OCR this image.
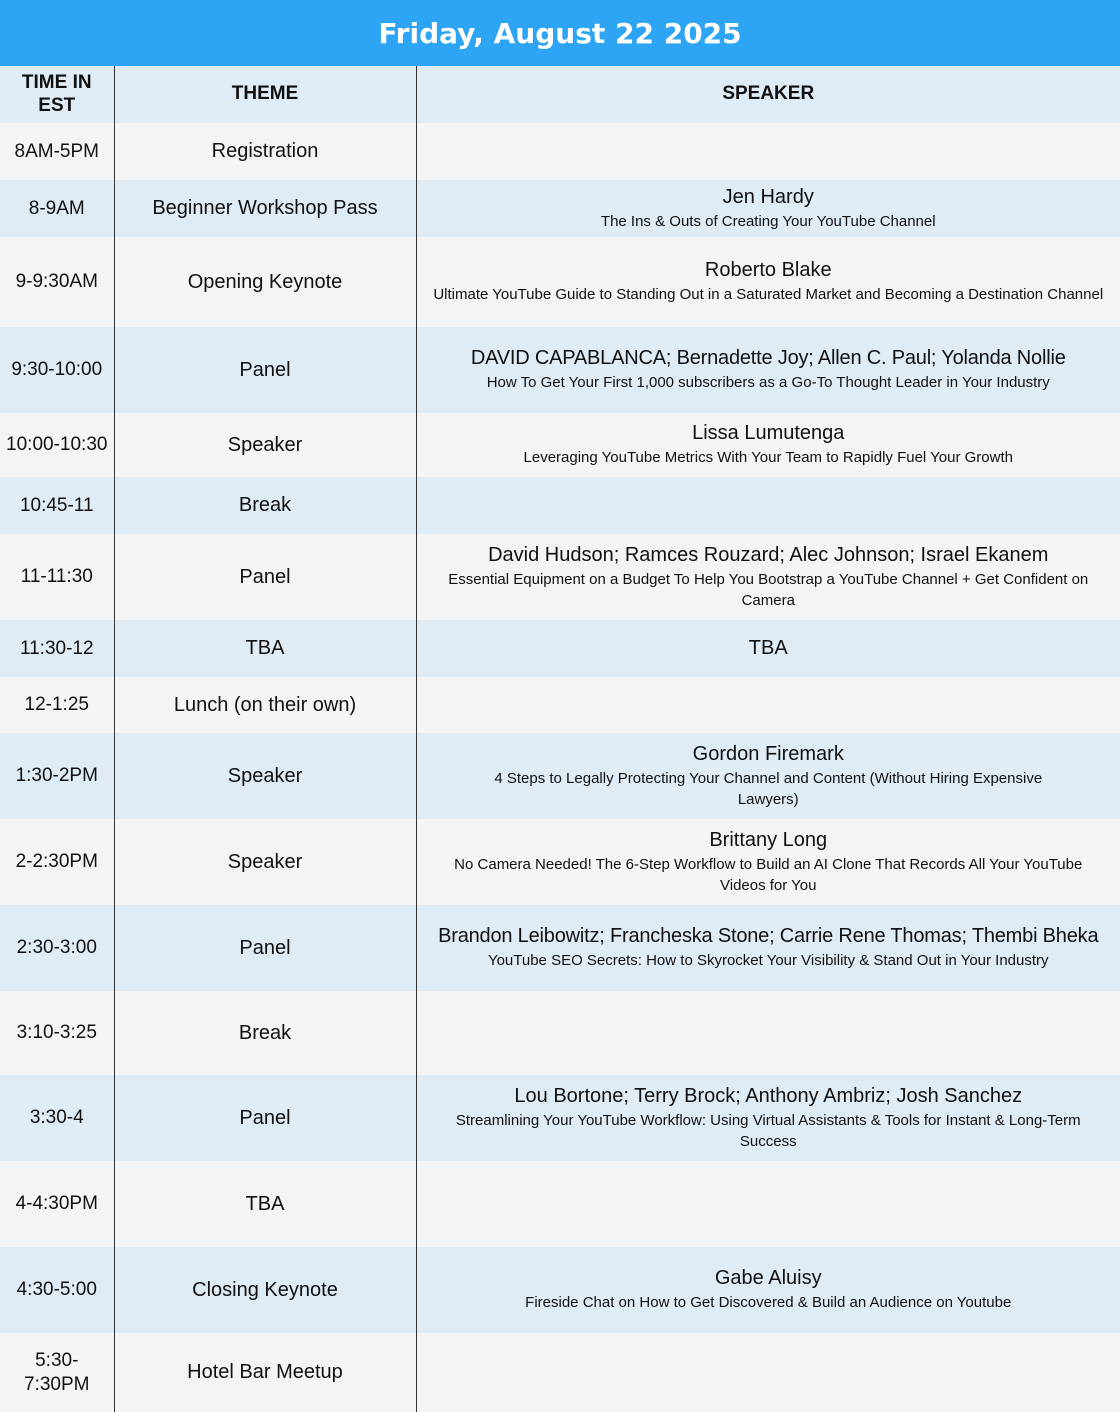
Friday, August 22 2025
TIME IN EST	THEME	SPEAKER
8AM-5PM	Registration	
8-9AM	Beginner Workshop Pass	Jen Hardy
The Ins & Outs of Creating Your YouTube Channel

9-9:30AM	Opening Keynote	Roberto Blake
Ultimate YouTube Guide to Standing Out in a Saturated Market and Becoming a Destination Channel

9:30-10:00	Panel	DAVID CAPABLANCA; Bernadette Joy; Allen C. Paul; Yolanda Nollie
How To Get Your First 1,000 subscribers as a Go-To Thought Leader in Your Industry

10:00-10:30	Speaker	Lissa Lumutenga
Leveraging YouTube Metrics With Your Team to Rapidly Fuel Your Growth

10:45-11	Break	
11-11:30	Panel	David Hudson; Ramces Rouzard; Alec Johnson; Israel Ekanem
Essential Equipment on a Budget To Help You Bootstrap a YouTube Channel + Get Confident on Camera

11:30-12	TBA	TBA

12-1:25	Lunch (on their own)	
1:30-2PM	Speaker	Gordon Firemark
4 Steps to Legally Protecting Your Channel and Content (Without Hiring Expensive Lawyers)

2-2:30PM	Speaker	Brittany Long
No Camera Needed! The 6-Step Workflow to Build an AI Clone That Records All Your YouTube Videos for You

2:30-3:00	Panel	Brandon Leibowitz; Francheska Stone; Carrie Rene Thomas; Thembi Bheka
YouTube SEO Secrets: How to Skyrocket Your Visibility & Stand Out in Your Industry

3:10-3:25	Break	
3:30-4	Panel	Lou Bortone; Terry Brock; Anthony Ambriz; Josh Sanchez
Streamlining Your YouTube Workflow: Using Virtual Assistants & Tools for Instant & Long-Term Success

4-4:30PM	TBA	
4:30-5:00	Closing Keynote	Gabe Aluisy
Fireside Chat on How to Get Discovered & Build an Audience on Youtube

5:30-7:30PM	Hotel Bar Meetup	
